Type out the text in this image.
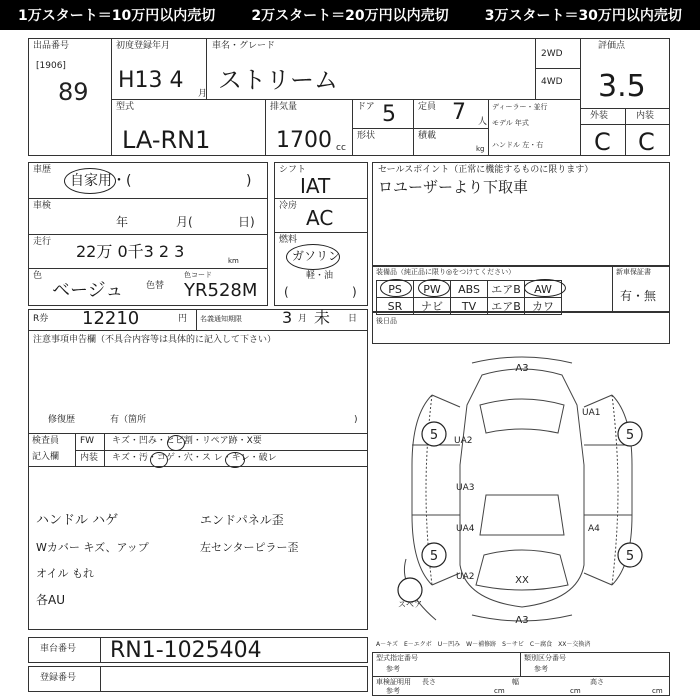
1万スタート＝10万円以内売切	2万スタート＝20万円以内売切	3万スタート＝30万円以内売切
出品番号
[1906]
89
初度登録年月
H13 4
月
車名・グレード
ストリーム
2WD
4WD
評価点
3.5
外装	内装
C C
型式
LA-RN1
排気量
1700 cc
ドア 5
形状
定員 7 人
積載
kg
ディーラー・並行
モデル 年式
ハンドル 左・右
車歴
自家用・(	)
車検
年	月(	日)
走行 22万 0千3 2 3	km
色
ベージュ	色替
色コード
YR528M
シフト
IAT
冷房 AC
燃料
ガソリン
軽・油
(	)
セールスポイント（正常に機能するものに限ります）
ロユーザーより下取車
装備品（純正品に限り◎をつけてください）
PS	PW	ABS	エアB	AW
SR	ナビ	TV	エアB	カワ
新車保証書
有・無
R券 12210	円 名義通知期限	3 月 未 日
注意事項申告欄（不具合内容等は具体的に記入して下さい）
修復歴	有（箇所	)
後日品
検査員
記入欄
FW キズ・凹み・ヒビ割・リペア跡・X要
内装 キズ・汚・コゲ・穴・ス レ・キレ・破レ
ハンドル ハゲ
Wカバー キズ、アップ
オイル もれ
各AU
エンドパネル歪
左センターピラー歪
A3
A3
UA1
UA2
UA3
UA4	A4
UA2	XX
5	5
5	5
スペア
A－キズ　E－エクボ　U－凹み　W－補修跡　S－サビ　C－腐食　XX－交換済
車台番号 RN1-1025404
登録番号
型式指定番号
参考
類別区分番号
参考
車検証明用
参考
長さ
cm
幅
cm
高さ
cm
